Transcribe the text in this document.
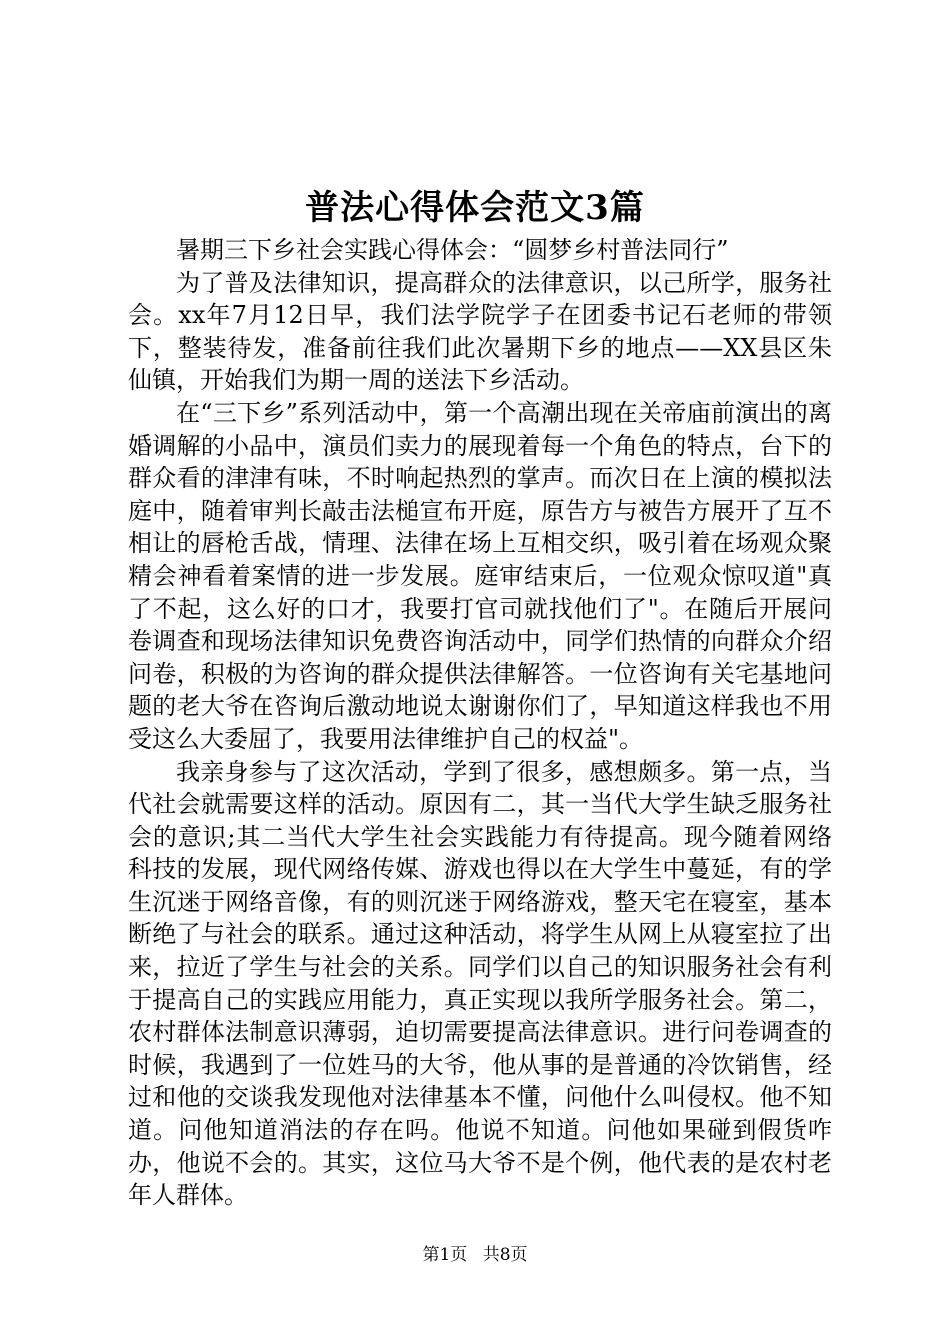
普法心得体会范文3篇

暑期三下乡社会实践心得体会：“圆梦乡村普法同行”

为了普及法律知识，提高群众的法律意识，以己所学，服务社会。xx年7月12日早，我们法学院学子在团委书记石老师的带领下，整装待发，准备前往我们此次暑期下乡的地点——XX县区朱仙镇，开始我们为期一周的送法下乡活动。

在“三下乡”系列活动中，第一个高潮出现在关帝庙前演出的离婚调解的小品中，演员们卖力的展现着每一个角色的特点，台下的群众看的津津有味，不时响起热烈的掌声。而次日在上演的模拟法庭中，随着审判长敲击法槌宣布开庭，原告方与被告方展开了互不相让的唇枪舌战，情理、法律在场上互相交织，吸引着在场观众聚精会神看着案情的进一步发展。庭审结束后，一位观众惊叹道"真了不起，这么好的口才，我要打官司就找他们了"。在随后开展问卷调查和现场法律知识免费咨询活动中，同学们热情的向群众介绍问卷，积极的为咨询的群众提供法律解答。一位咨询有关宅基地问题的老大爷在咨询后激动地说太谢谢你们了，早知道这样我也不用受这么大委屈了，我要用法律维护自己的权益"。

我亲身参与了这次活动，学到了很多，感想颇多。第一点，当代社会就需要这样的活动。原因有二，其一当代大学生缺乏服务社会的意识;其二当代大学生社会实践能力有待提高。现今随着网络科技的发展，现代网络传媒、游戏也得以在大学生中蔓延，有的学生沉迷于网络音像，有的则沉迷于网络游戏，整天宅在寝室，基本断绝了与社会的联系。通过这种活动，将学生从网上从寝室拉了出来，拉近了学生与社会的关系。同学们以自己的知识服务社会有利于提高自己的实践应用能力，真正实现以我所学服务社会。第二，农村群体法制意识薄弱，迫切需要提高法律意识。进行问卷调查的时候，我遇到了一位姓马的大爷，他从事的是普通的冷饮销售，经过和他的交谈我发现他对法律基本不懂，问他什么叫侵权。他不知道。问他知道消法的存在吗。他说不知道。问他如果碰到假货咋办，他说不会的。其实，这位马大爷不是个例，他代表的是农村老年人群体。

第1页 共8页
